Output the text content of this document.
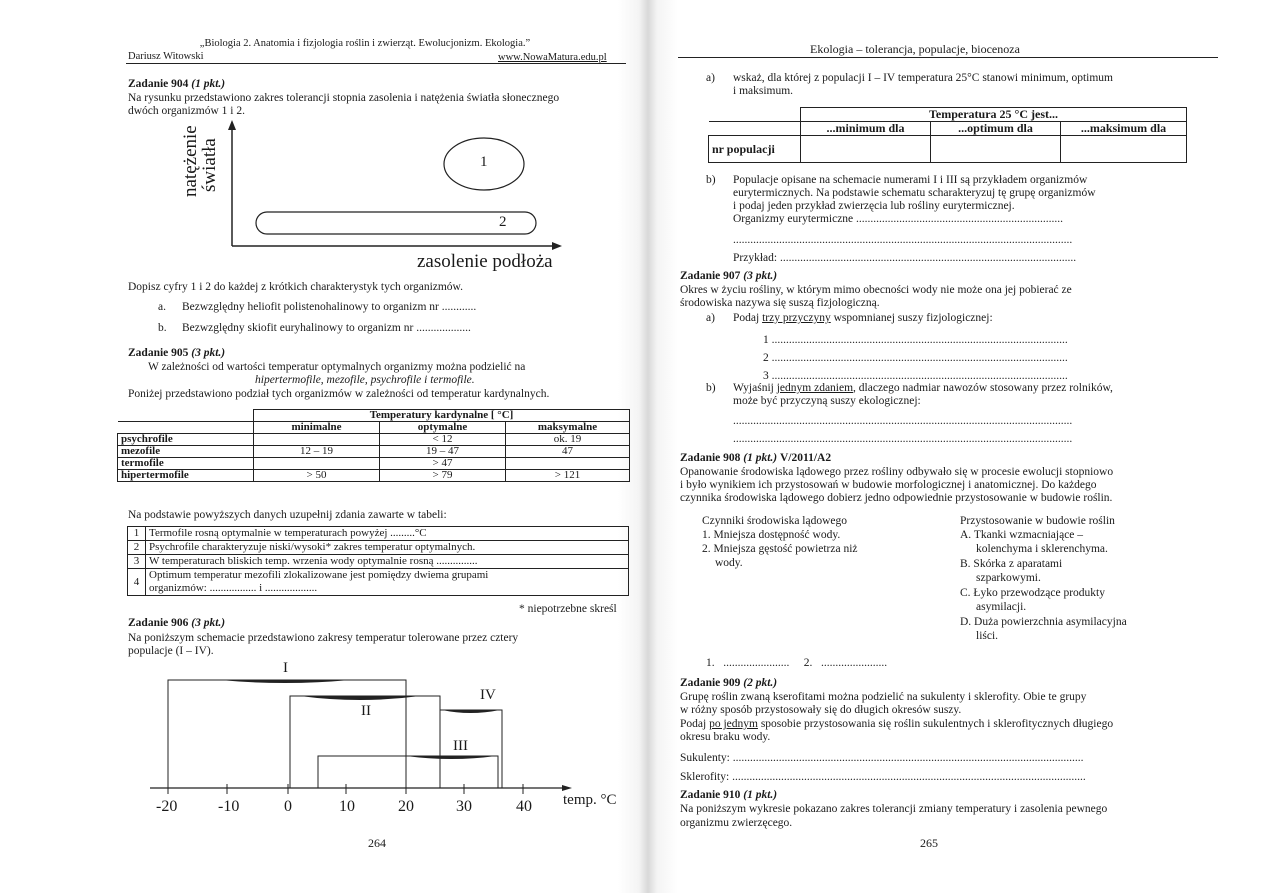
„Biologia 2. Anatomia i fizjologia roślin i zwierząt. Ewolucjonizm. Ekologia.”
Dariusz Witowski	www.NowaMatura.edu.pl
Zadanie 904 (1 pkt.)
Na rysunku przedstawiono zakres tolerancji stopnia zasolenia i natężenia światła słonecznego
dwóch organizmów 1 i 2.
natężenie
światła	1
2
zasolenie podłoża
Dopisz cyfry 1 i 2 do każdej z krótkich charakterystyk tych organizmów.
a. Bezwzględny heliofit polistenohalinowy to organizm nr ............
b. Bezwzględny skiofit euryhalinowy to organizm nr ...................
Zadanie 905 (3 pkt.)
W zależności od wartości temperatur optymalnych organizmy można podzielić na
hipertermofile, mezofile, psychrofile i termofile.
Poniżej przedstawiono podział tych organizmów w zależności od temperatur kardynalnych.
	Temperatury kardynalne [ °C]		
	minimalne	optymalne	maksymalne
psychrofile		< 12	ok. 19
mezofile	12 – 19	19 – 47	47
termofile		> 47	
hipertermofile	> 50	> 79	> 121
Na podstawie powyższych danych uzupełnij zdania zawarte w tabeli:
1	Termofile rosną optymalnie w temperaturach powyżej .........°C
2	Psychrofile charakteryzuje niski/wysoki* zakres temperatur optymalnych.
3	W temperaturach bliskich temp. wrzenia wody optymalnie rosną ...............
4	Optimum temperatur mezofili zlokalizowane jest pomiędzy dwiema grupami
organizmów: ................. i ...................
* niepotrzebne skreśl
Zadanie 906 (3 pkt.)
Na poniższym schemacie przedstawiono zakresy temperatur tolerowane przez cztery
populacje (I – IV).
I
II
IV
III
-20	-10	0	10	20	30	40 temp. °C
264
Ekologia – tolerancja, populacje, biocenoza
a) wskaż, dla której z populacji I – IV temperatura 25°C stanowi minimum, optimum
i maksimum.
	Temperatura 25 °C jest...		
	...minimum dla	...optimum dla	...maksimum dla
nr populacji			
b) Populacje opisane na schemacie numerami I i III są przykładem organizmów
eurytermicznych. Na podstawie schematu scharakteryzuj tę grupę organizmów
i podaj jeden przykład zwierzęcia lub rośliny eurytermicznej.
Organizmy eurytermiczne ........................................................................
......................................................................................................................
Przykład: .......................................................................................................
Zadanie 907 (3 pkt.)
Okres w życiu rośliny, w którym mimo obecności wody nie może ona jej pobierać ze
środowiska nazywa się suszą fizjologiczną.
a) Podaj trzy przyczyny wspomnianej suszy fizjologicznej:
1 .......................................................................................................
2 .......................................................................................................
3 .......................................................................................................
b) Wyjaśnij jednym zdaniem, dlaczego nadmiar nawozów stosowany przez rolników,
może być przyczyną suszy ekologicznej:
......................................................................................................................
......................................................................................................................
Zadanie 908 (1 pkt.) V/2011/A2
Opanowanie środowiska lądowego przez rośliny odbywało się w procesie ewolucji stopniowo
i było wynikiem ich przystosowań w budowie morfologicznej i anatomicznej. Do każdego
czynnika środowiska lądowego dobierz jedno odpowiednie przystosowanie w budowie roślin.
Czynniki środowiska lądowego
1. Mniejsza dostępność wody.
2. Mniejsza gęstość powietrza niż
wody.
Przystosowanie w budowie roślin
A. Tkanki wzmacniające –
kolenchyma i sklerenchyma.
B. Skórka z aparatami
szparkowymi.
C. Łyko przewodzące produkty
asymilacji.
D. Duża powierzchnia asymilacyjna
liści.
1.   .......................     2.   .......................
Zadanie 909 (2 pkt.)
Grupę roślin zwaną kserofitami można podzielić na sukulenty i sklerofity. Obie te grupy
w różny sposób przystosowały się do długich okresów suszy.
Podaj po jednym sposobie przystosowania się roślin sukulentnych i sklerofitycznych długiego
okresu braku wody.
Sukulenty: ..........................................................................................................................
Sklerofity: ...........................................................................................................................
Zadanie 910 (1 pkt.)
Na poniższym wykresie pokazano zakres tolerancji zmiany temperatury i zasolenia pewnego
organizmu zwierzęcego.
265
